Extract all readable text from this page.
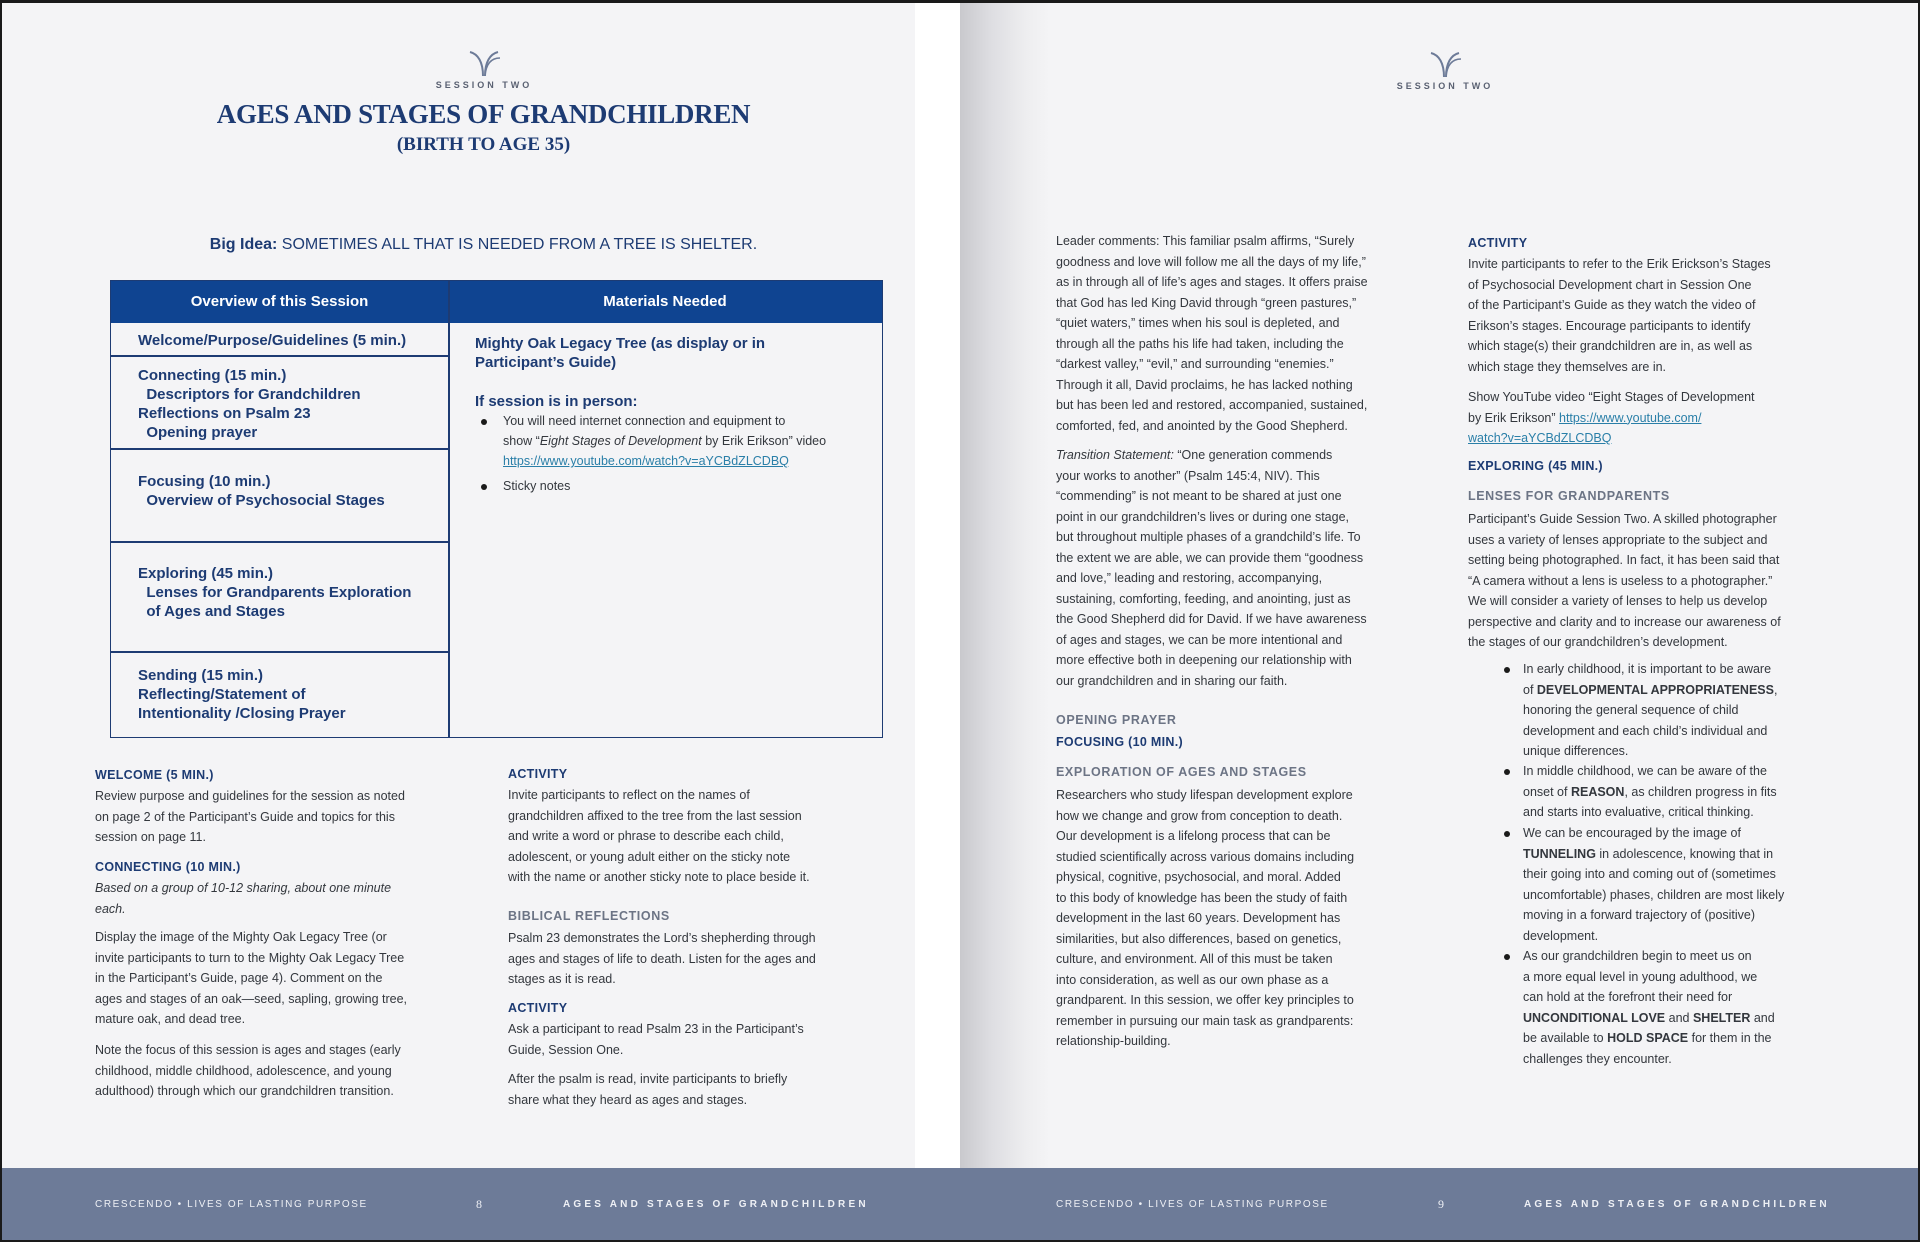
SESSION TWO
AGES AND STAGES OF GRANDCHILDREN
(BIRTH TO AGE 35)
Big Idea: SOMETIMES ALL THAT IS NEEDED FROM A TREE IS SHELTER.
Overview of this Session	Materials Needed
Welcome/Purpose/Guidelines (5 min.)
Connecting (15 min.)
Descriptors for Grandchildren
Reflections on Psalm 23
Opening prayer
Focusing (10 min.)
Overview of Psychosocial Stages
Exploring (45 min.)
Lenses for Grandparents Exploration
of Ages and Stages
Sending (15 min.)
Reflecting/Statement of
Intentionality /Closing Prayer
Mighty Oak Legacy Tree (as display or in
Participant’s Guide)
If session is in person:
You will need internet connection and equipment to
show “Eight Stages of Development by Erik Erikson” video
https://www.youtube.com/watch?v=aYCBdZLCDBQ
Sticky notes
WELCOME (5 MIN.)
Review purpose and guidelines for the session as noted
on page 2 of the Participant’s Guide and topics for this
session on page 11.
CONNECTING (10 MIN.)
Based on a group of 10-12 sharing, about one minute
each.
Display the image of the Mighty Oak Legacy Tree (or
invite participants to turn to the Mighty Oak Legacy Tree
in the Participant’s Guide, page 4). Comment on the
ages and stages of an oak—seed, sapling, growing tree,
mature oak, and dead tree.
Note the focus of this session is ages and stages (early
childhood, middle childhood, adolescence, and young
adulthood) through which our grandchildren transition.
ACTIVITY
Invite participants to reflect on the names of
grandchildren affixed to the tree from the last session
and write a word or phrase to describe each child,
adolescent, or young adult either on the sticky note
with the name or another sticky note to place beside it.
BIBLICAL REFLECTIONS
Psalm 23 demonstrates the Lord’s shepherding through
ages and stages of life to death. Listen for the ages and
stages as it is read.
ACTIVITY
Ask a participant to read Psalm 23 in the Participant’s
Guide, Session One.
After the psalm is read, invite participants to briefly
share what they heard as ages and stages.
SESSION TWO
Leader comments: This familiar psalm affirms, “Surely
goodness and love will follow me all the days of my life,”
as in through all of life’s ages and stages. It offers praise
that God has led King David through “green pastures,”
“quiet waters,” times when his soul is depleted, and
through all the paths his life had taken, including the
“darkest valley,” “evil,” and surrounding “enemies.”
Through it all, David proclaims, he has lacked nothing
but has been led and restored, accompanied, sustained,
comforted, fed, and anointed by the Good Shepherd.
Transition Statement: “One generation commends
your works to another” (Psalm 145:4, NIV). This
“commending” is not meant to be shared at just one
point in our grandchildren’s lives or during one stage,
but throughout multiple phases of a grandchild’s life. To
the extent we are able, we can provide them “goodness
and love,” leading and restoring, accompanying,
sustaining, comforting, feeding, and anointing, just as
the Good Shepherd did for David. If we have awareness
of ages and stages, we can be more intentional and
more effective both in deepening our relationship with
our grandchildren and in sharing our faith.
OPENING PRAYER
FOCUSING (10 MIN.)
EXPLORATION OF AGES AND STAGES
Researchers who study lifespan development explore
how we change and grow from conception to death.
Our development is a lifelong process that can be
studied scientifically across various domains including
physical, cognitive, psychosocial, and moral. Added
to this body of knowledge has been the study of faith
development in the last 60 years. Development has
similarities, but also differences, based on genetics,
culture, and environment. All of this must be taken
into consideration, as well as our own phase as a
grandparent. In this session, we offer key principles to
remember in pursuing our main task as grandparents:
relationship-building.
ACTIVITY
Invite participants to refer to the Erik Erickson’s Stages
of Psychosocial Development chart in Session One
of the Participant’s Guide as they watch the video of
Erikson’s stages. Encourage participants to identify
which stage(s) their grandchildren are in, as well as
which stage they themselves are in.
Show YouTube video “Eight Stages of Development
by Erik Erikson” https://www.youtube.com/
watch?v=aYCBdZLCDBQ
EXPLORING (45 MIN.)
LENSES FOR GRANDPARENTS
Participant’s Guide Session Two. A skilled photographer
uses a variety of lenses appropriate to the subject and
setting being photographed. In fact, it has been said that
“A camera without a lens is useless to a photographer.”
We will consider a variety of lenses to help us develop
perspective and clarity and to increase our awareness of
the stages of our grandchildren’s development.
In early childhood, it is important to be aware
of DEVELOPMENTAL APPROPRIATENESS,
honoring the general sequence of child
development and each child’s individual and
unique differences.
In middle childhood, we can be aware of the
onset of REASON, as children progress in fits
and starts into evaluative, critical thinking.
We can be encouraged by the image of
TUNNELING in adolescence, knowing that in
their going into and coming out of (sometimes
uncomfortable) phases, children are most likely
moving in a forward trajectory of (positive)
development.
As our grandchildren begin to meet us on
a more equal level in young adulthood, we
can hold at the forefront their need for
UNCONDITIONAL LOVE and SHELTER and
be available to HOLD SPACE for them in the
challenges they encounter.
CRESCENDO • LIVES OF LASTING PURPOSE	8	AGES AND STAGES OF GRANDCHILDREN	CRESCENDO • LIVES OF LASTING PURPOSE	9	AGES AND STAGES OF GRANDCHILDREN
